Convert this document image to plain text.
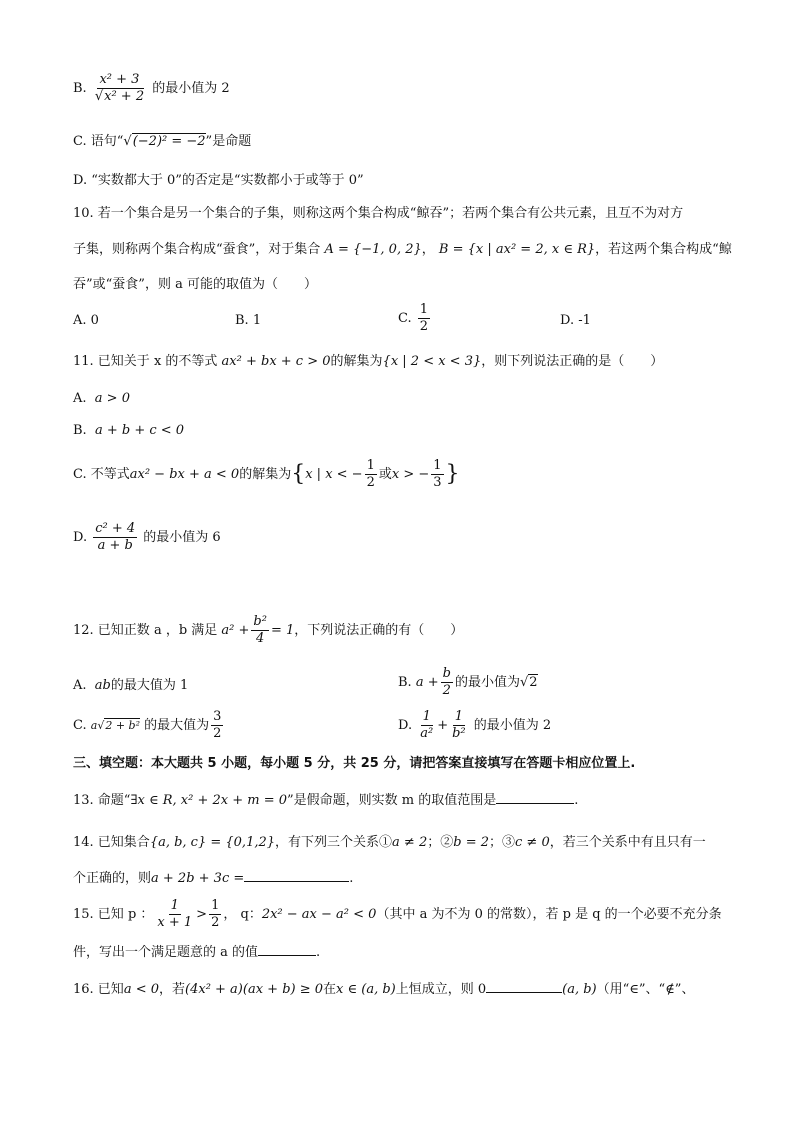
B. $\frac{\text{x² + 3}}{\text{√x² + 2}}$ 的最小值为 2
C. 语句“√(−2)² = −2”是命题
D. “实数都大于 0”的否定是“实数都小于或等于 0”
10. 若一个集合是另一个集合的子集，则称这两个集合构成“鲸吞”；若两个集合有公共元素，且互不为对方
子集，则称两个集合构成“蚕食”，对于集合 A = {−1, 0, 2}， B = {x | ax² = 2, x ∈ R}，若这两个集合构成“鲸
吞”或“蚕食”，则 a 可能的取值为（　　）
A. 0	B. 1	C. $\frac{1}{2}$	D. -1
11. 已知关于 x 的不等式 ax² + bx + c > 0的解集为{x | 2 < x < 3}，则下列说法正确的是（　　）
A. a > 0
B. a + b + c < 0
C. 不等式ax² − bx + a < 0的解集为{x | x < − $\frac{1}{2}$ 或x > − $\frac{1}{3}$ }
D. $\frac{\text{c² + 4}}{a + b}$ 的最小值为 6
12. 已知正数 a ，b 满足 $a^2 + \frac{\text{b²}}{4} = 1$，下列说法正确的有（　　）
A. ab的最大值为 1	B. $a + \frac{b}{2}$ 的最小值为√2
C. a√2 + b² 的最大值为 $\frac{3}{2}$	D. $\frac{1}{\text{a²}} + \frac{1}{\text{b²}}$ 的最小值为 2
三、填空题：本大题共 5 小题，每小题 5 分，共 25 分，请把答案直接填写在答题卡相应位置上.
13. 命题“∃x ∈ R, x² + 2x + m = 0”是假命题，则实数 m 的取值范围是	.
14. 已知集合{a, b, c} = {0,1,2}，有下列三个关系①a ≠ 2；②b = 2；③c ≠ 0，若三个关系中有且只有一
个正确的，则a + 2b + 3c =	.
15. 已知 p ： $\frac{1}{x + 1} > \frac{1}{2}$ ， q：2x² − ax − a² < 0（其中 a 为不为 0 的常数），若 p 是 q 的一个必要不充分条
件，写出一个满足题意的 a 的值	.
16. 已知a < 0，若(4x² + a)(ax + b) ≥ 0在x ∈ (a, b)上恒成立，则 0	(a, b)（用“∈”、“∉”、
